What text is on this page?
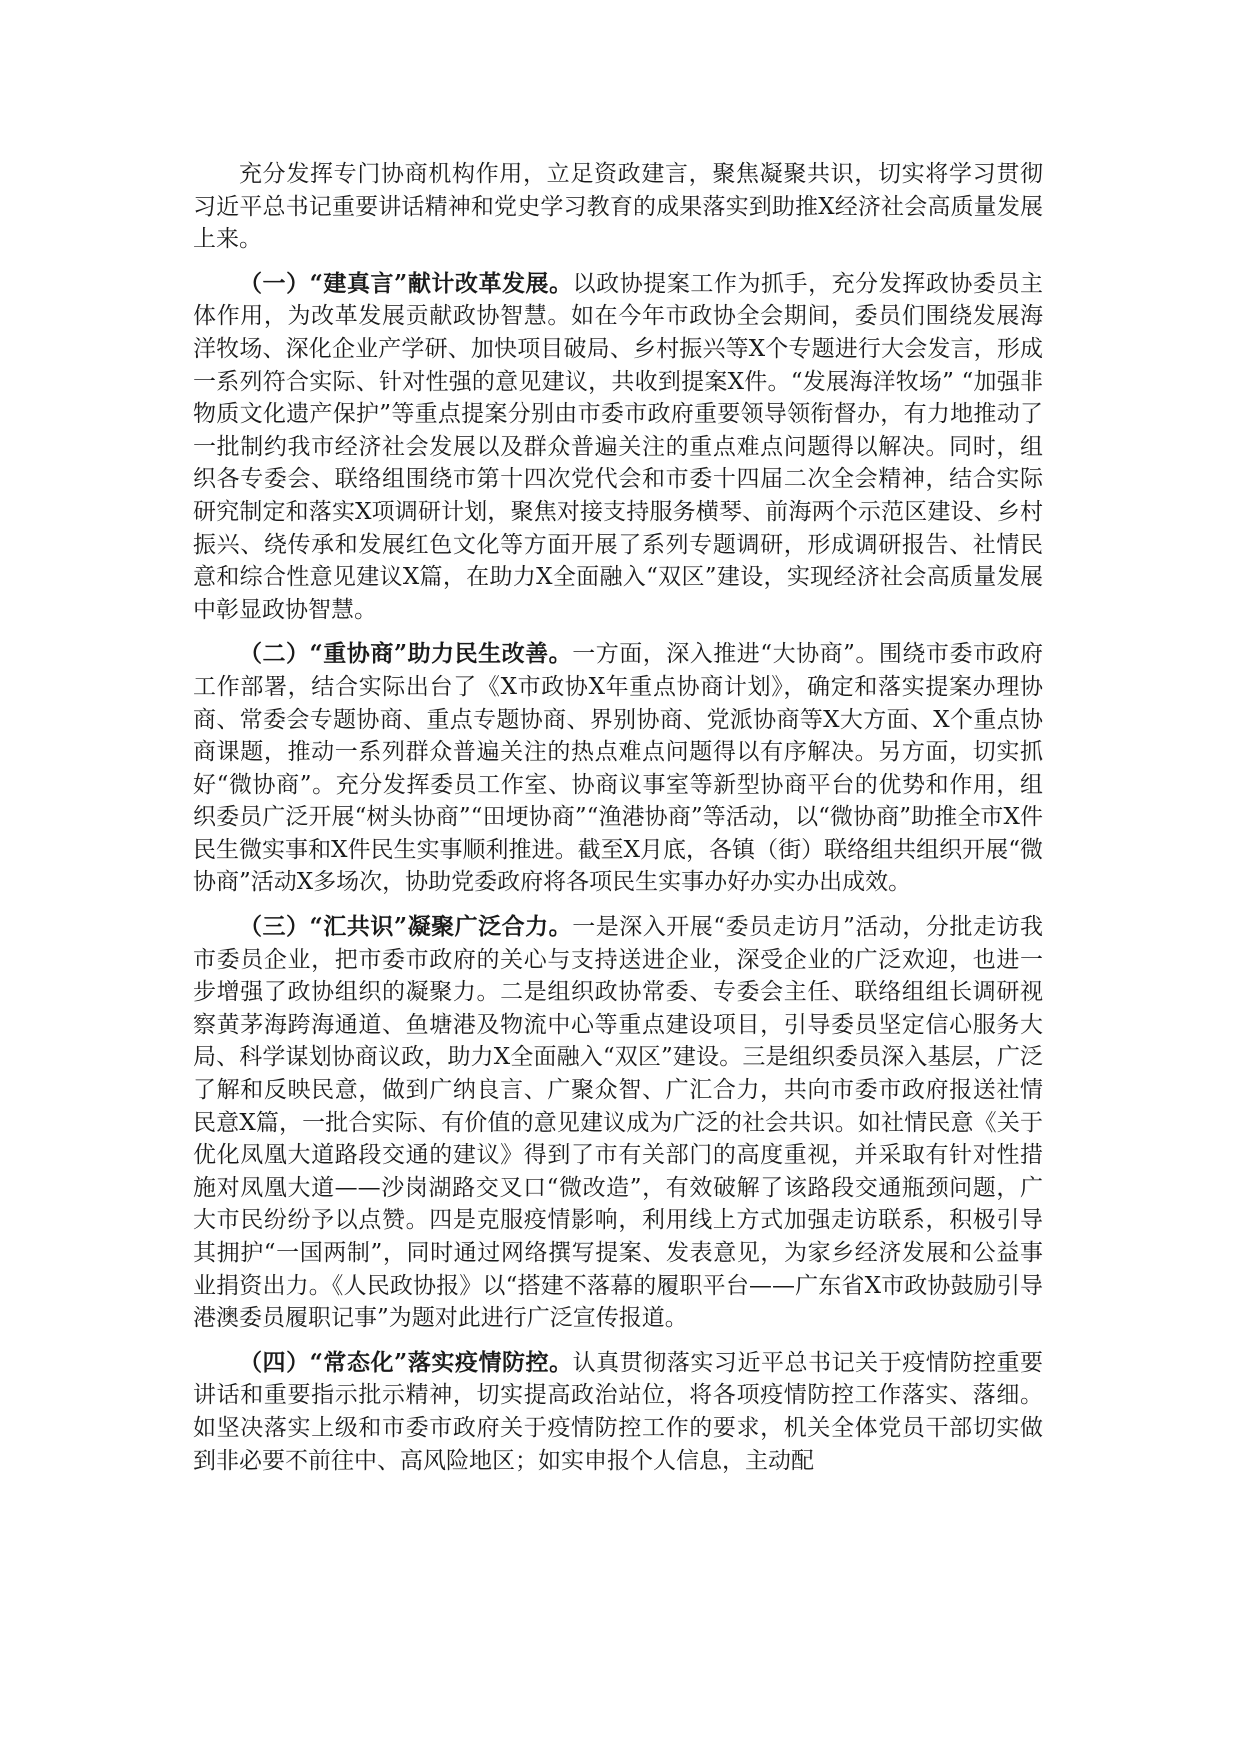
充分发挥专门协商机构作用，立足资政建言，聚焦凝聚共识，切实将学习贯彻习近平总书记重要讲话精神和党史学习教育的成果落实到助推X经济社会高质量发展上来。

（一）“建真言”献计改革发展。以政协提案工作为抓手，充分发挥政协委员主体作用，为改革发展贡献政协智慧。如在今年市政协全会期间，委员们围绕发展海洋牧场、深化企业产学研、加快项目破局、乡村振兴等X个专题进行大会发言，形成一系列符合实际、针对性强的意见建议，共收到提案X件。“发展海洋牧场” “加强非物质文化遗产保护”等重点提案分别由市委市政府重要领导领衔督办，有力地推动了一批制约我市经济社会发展以及群众普遍关注的重点难点问题得以解决。同时，组织各专委会、联络组围绕市第十四次党代会和市委十四届二次全会精神，结合实际研究制定和落实X项调研计划，聚焦对接支持服务横琴、前海两个示范区建设、乡村振兴、绕传承和发展红色文化等方面开展了系列专题调研，形成调研报告、社情民意和综合性意见建议X篇，在助力X全面融入“双区”建设，实现经济社会高质量发展中彰显政协智慧。

（二）“重协商”助力民生改善。一方面，深入推进“大协商”。围绕市委市政府工作部署，结合实际出台了《X市政协X年重点协商计划》，确定和落实提案办理协商、常委会专题协商、重点专题协商、界别协商、党派协商等X大方面、X个重点协商课题，推动一系列群众普遍关注的热点难点问题得以有序解决。另方面，切实抓好“微协商”。充分发挥委员工作室、协商议事室等新型协商平台的优势和作用，组织委员广泛开展“树头协商”“田埂协商”“渔港协商”等活动，以“微协商”助推全市X件民生微实事和X件民生实事顺利推进。截至X月底，各镇（街）联络组共组织开展“微协商”活动X多场次，协助党委政府将各项民生实事办好办实办出成效。

（三）“汇共识”凝聚广泛合力。一是深入开展“委员走访月”活动，分批走访我市委员企业，把市委市政府的关心与支持送进企业，深受企业的广泛欢迎，也进一步增强了政协组织的凝聚力。二是组织政协常委、专委会主任、联络组组长调研视察黄茅海跨海通道、鱼塘港及物流中心等重点建设项目，引导委员坚定信心服务大局、科学谋划协商议政，助力X全面融入“双区”建设。三是组织委员深入基层，广泛了解和反映民意，做到广纳良言、广聚众智、广汇合力，共向市委市政府报送社情民意X篇，一批合实际、有价值的意见建议成为广泛的社会共识。如社情民意《关于优化凤凰大道路段交通的建议》得到了市有关部门的高度重视，并采取有针对性措施对凤凰大道——沙岗湖路交叉口“微改造”，有效破解了该路段交通瓶颈问题，广大市民纷纷予以点赞。四是克服疫情影响，利用线上方式加强走访联系，积极引导其拥护“一国两制”，同时通过网络撰写提案、发表意见，为家乡经济发展和公益事业捐资出力。《人民政协报》以“搭建不落幕的履职平台——广东省X市政协鼓励引导港澳委员履职记事”为题对此进行广泛宣传报道。

（四）“常态化”落实疫情防控。认真贯彻落实习近平总书记关于疫情防控重要讲话和重要指示批示精神，切实提高政治站位，将各项疫情防控工作落实、落细。如坚决落实上级和市委市政府关于疫情防控工作的要求，机关全体党员干部切实做到非必要不前往中、高风险地区；如实申报个人信息，主动配
